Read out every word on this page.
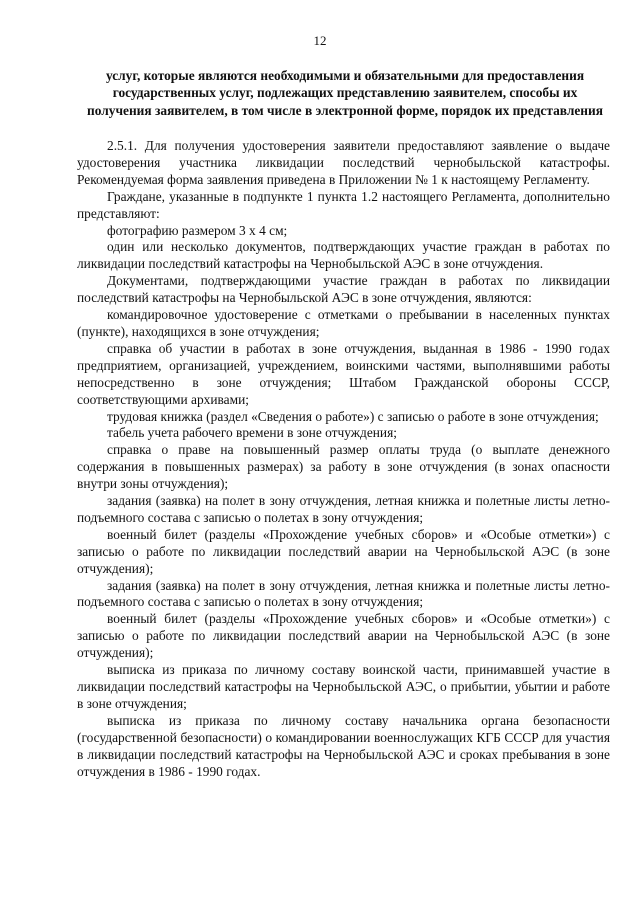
12
услуг, которые являются необходимыми и обязательными для предоставления государственных услуг, подлежащих представлению заявителем, способы их получения заявителем, в том числе в электронной форме, порядок их представления

2.5.1. Для получения удостоверения заявители предоставляют заявление о выдаче удостоверения участника ликвидации последствий чернобыльской катастрофы. Рекомендуемая форма заявления приведена в Приложении № 1 к настоящему Регламенту.

Граждане, указанные в подпункте 1 пункта 1.2 настоящего Регламента, дополнительно представляют:

фотографию размером 3 х 4 см;

один или несколько документов, подтверждающих участие граждан в работах по ликвидации последствий катастрофы на Чернобыльской АЭС в зоне отчуждения.

Документами, подтверждающими участие граждан в работах по ликвидации последствий катастрофы на Чернобыльской АЭС в зоне отчуждения, являются:

командировочное удостоверение с отметками о пребывании в населенных пунктах (пункте), находящихся в зоне отчуждения;

справка об участии в работах в зоне отчуждения, выданная в 1986 - 1990 годах предприятием, организацией, учреждением, воинскими частями, выполнявшими работы непосредственно в зоне отчуждения; Штабом Гражданской обороны СССР, соответствующими архивами;

трудовая книжка (раздел «Сведения о работе») с записью о работе в зоне отчуждения;

табель учета рабочего времени в зоне отчуждения;

справка о праве на повышенный размер оплаты труда (о выплате денежного содержания в повышенных размерах) за работу в зоне отчуждения (в зонах опасности внутри зоны отчуждения);

задания (заявка) на полет в зону отчуждения, летная книжка и полетные листы летно-подъемного состава с записью о полетах в зону отчуждения;

военный билет (разделы «Прохождение учебных сборов» и «Особые отметки») с записью о работе по ликвидации последствий аварии на Чернобыльской АЭС (в зоне отчуждения);

задания (заявка) на полет в зону отчуждения, летная книжка и полетные листы летно-подъемного состава с записью о полетах в зону отчуждения;

военный билет (разделы «Прохождение учебных сборов» и «Особые отметки») с записью о работе по ликвидации последствий аварии на Чернобыльской АЭС (в зоне отчуждения);

выписка из приказа по личному составу воинской части, принимавшей участие в ликвидации последствий катастрофы на Чернобыльской АЭС, о прибытии, убытии и работе в зоне отчуждения;

выписка из приказа по личному составу начальника органа безопасности (государственной безопасности) о командировании военнослужащих КГБ СССР для участия в ликвидации последствий катастрофы на Чернобыльской АЭС и сроках пребывания в зоне отчуждения в 1986 - 1990 годах.
